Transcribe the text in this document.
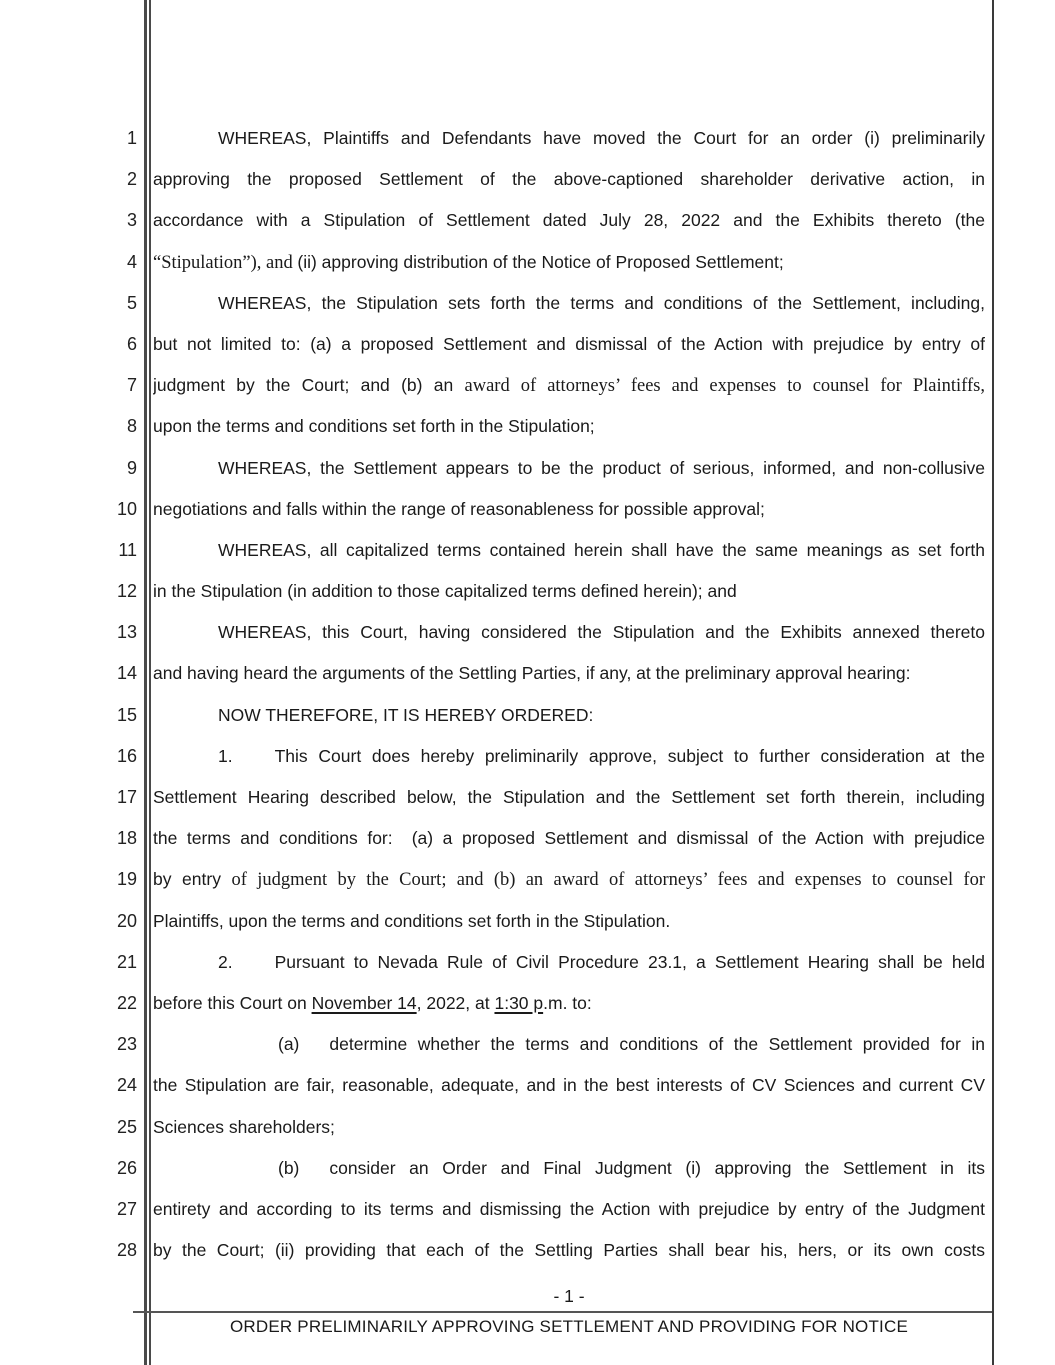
1
2
3
4
5
6
7
8
9
10
11
12
13
14
15
16
17
18
19
20
21
22
23
24
25
26
27
28
WHEREAS, Plaintiffs and Defendants have moved the Court for an order (i) preliminarily
approving the proposed Settlement of the above-captioned shareholder derivative action, in
accordance with a Stipulation of Settlement dated July 28, 2022 and the Exhibits thereto (the
“Stipulation”), and (ii) approving distribution of the Notice of Proposed Settlement;
WHEREAS, the Stipulation sets forth the terms and conditions of the Settlement, including,
but not limited to: (a) a proposed Settlement and dismissal of the Action with prejudice by entry of
judgment by the Court; and (b) an award of attorneys’ fees and expenses to counsel for Plaintiffs,
upon the terms and conditions set forth in the Stipulation;
WHEREAS, the Settlement appears to be the product of serious, informed, and non-collusive
negotiations and falls within the range of reasonableness for possible approval;
WHEREAS, all capitalized terms contained herein shall have the same meanings as set forth
in the Stipulation (in addition to those capitalized terms defined herein); and
WHEREAS, this Court, having considered the Stipulation and the Exhibits annexed thereto
and having heard the arguments of the Settling Parties, if any, at the preliminary approval hearing:
NOW THEREFORE, IT IS HEREBY ORDERED:
1. This Court does hereby preliminarily approve, subject to further consideration at the
Settlement Hearing described below, the Stipulation and the Settlement set forth therein, including
the terms and conditions for:  (a) a proposed Settlement and dismissal of the Action with prejudice
by entry of judgment by the Court; and (b) an award of attorneys’ fees and expenses to counsel for
Plaintiffs, upon the terms and conditions set forth in the Stipulation.
2. Pursuant to Nevada Rule of Civil Procedure 23.1, a Settlement Hearing shall be held
before this Court on November 14, 2022, at 1:30 p.m. to:
(a) determine whether the terms and conditions of the Settlement provided for in
the Stipulation are fair, reasonable, adequate, and in the best interests of CV Sciences and current CV
Sciences shareholders;
(b) consider an Order and Final Judgment (i) approving the Settlement in its
entirety and according to its terms and dismissing the Action with prejudice by entry of the Judgment
by the Court; (ii) providing that each of the Settling Parties shall bear his, hers, or its own costs
- 1 -
ORDER PRELIMINARILY APPROVING SETTLEMENT AND PROVIDING FOR NOTICE
